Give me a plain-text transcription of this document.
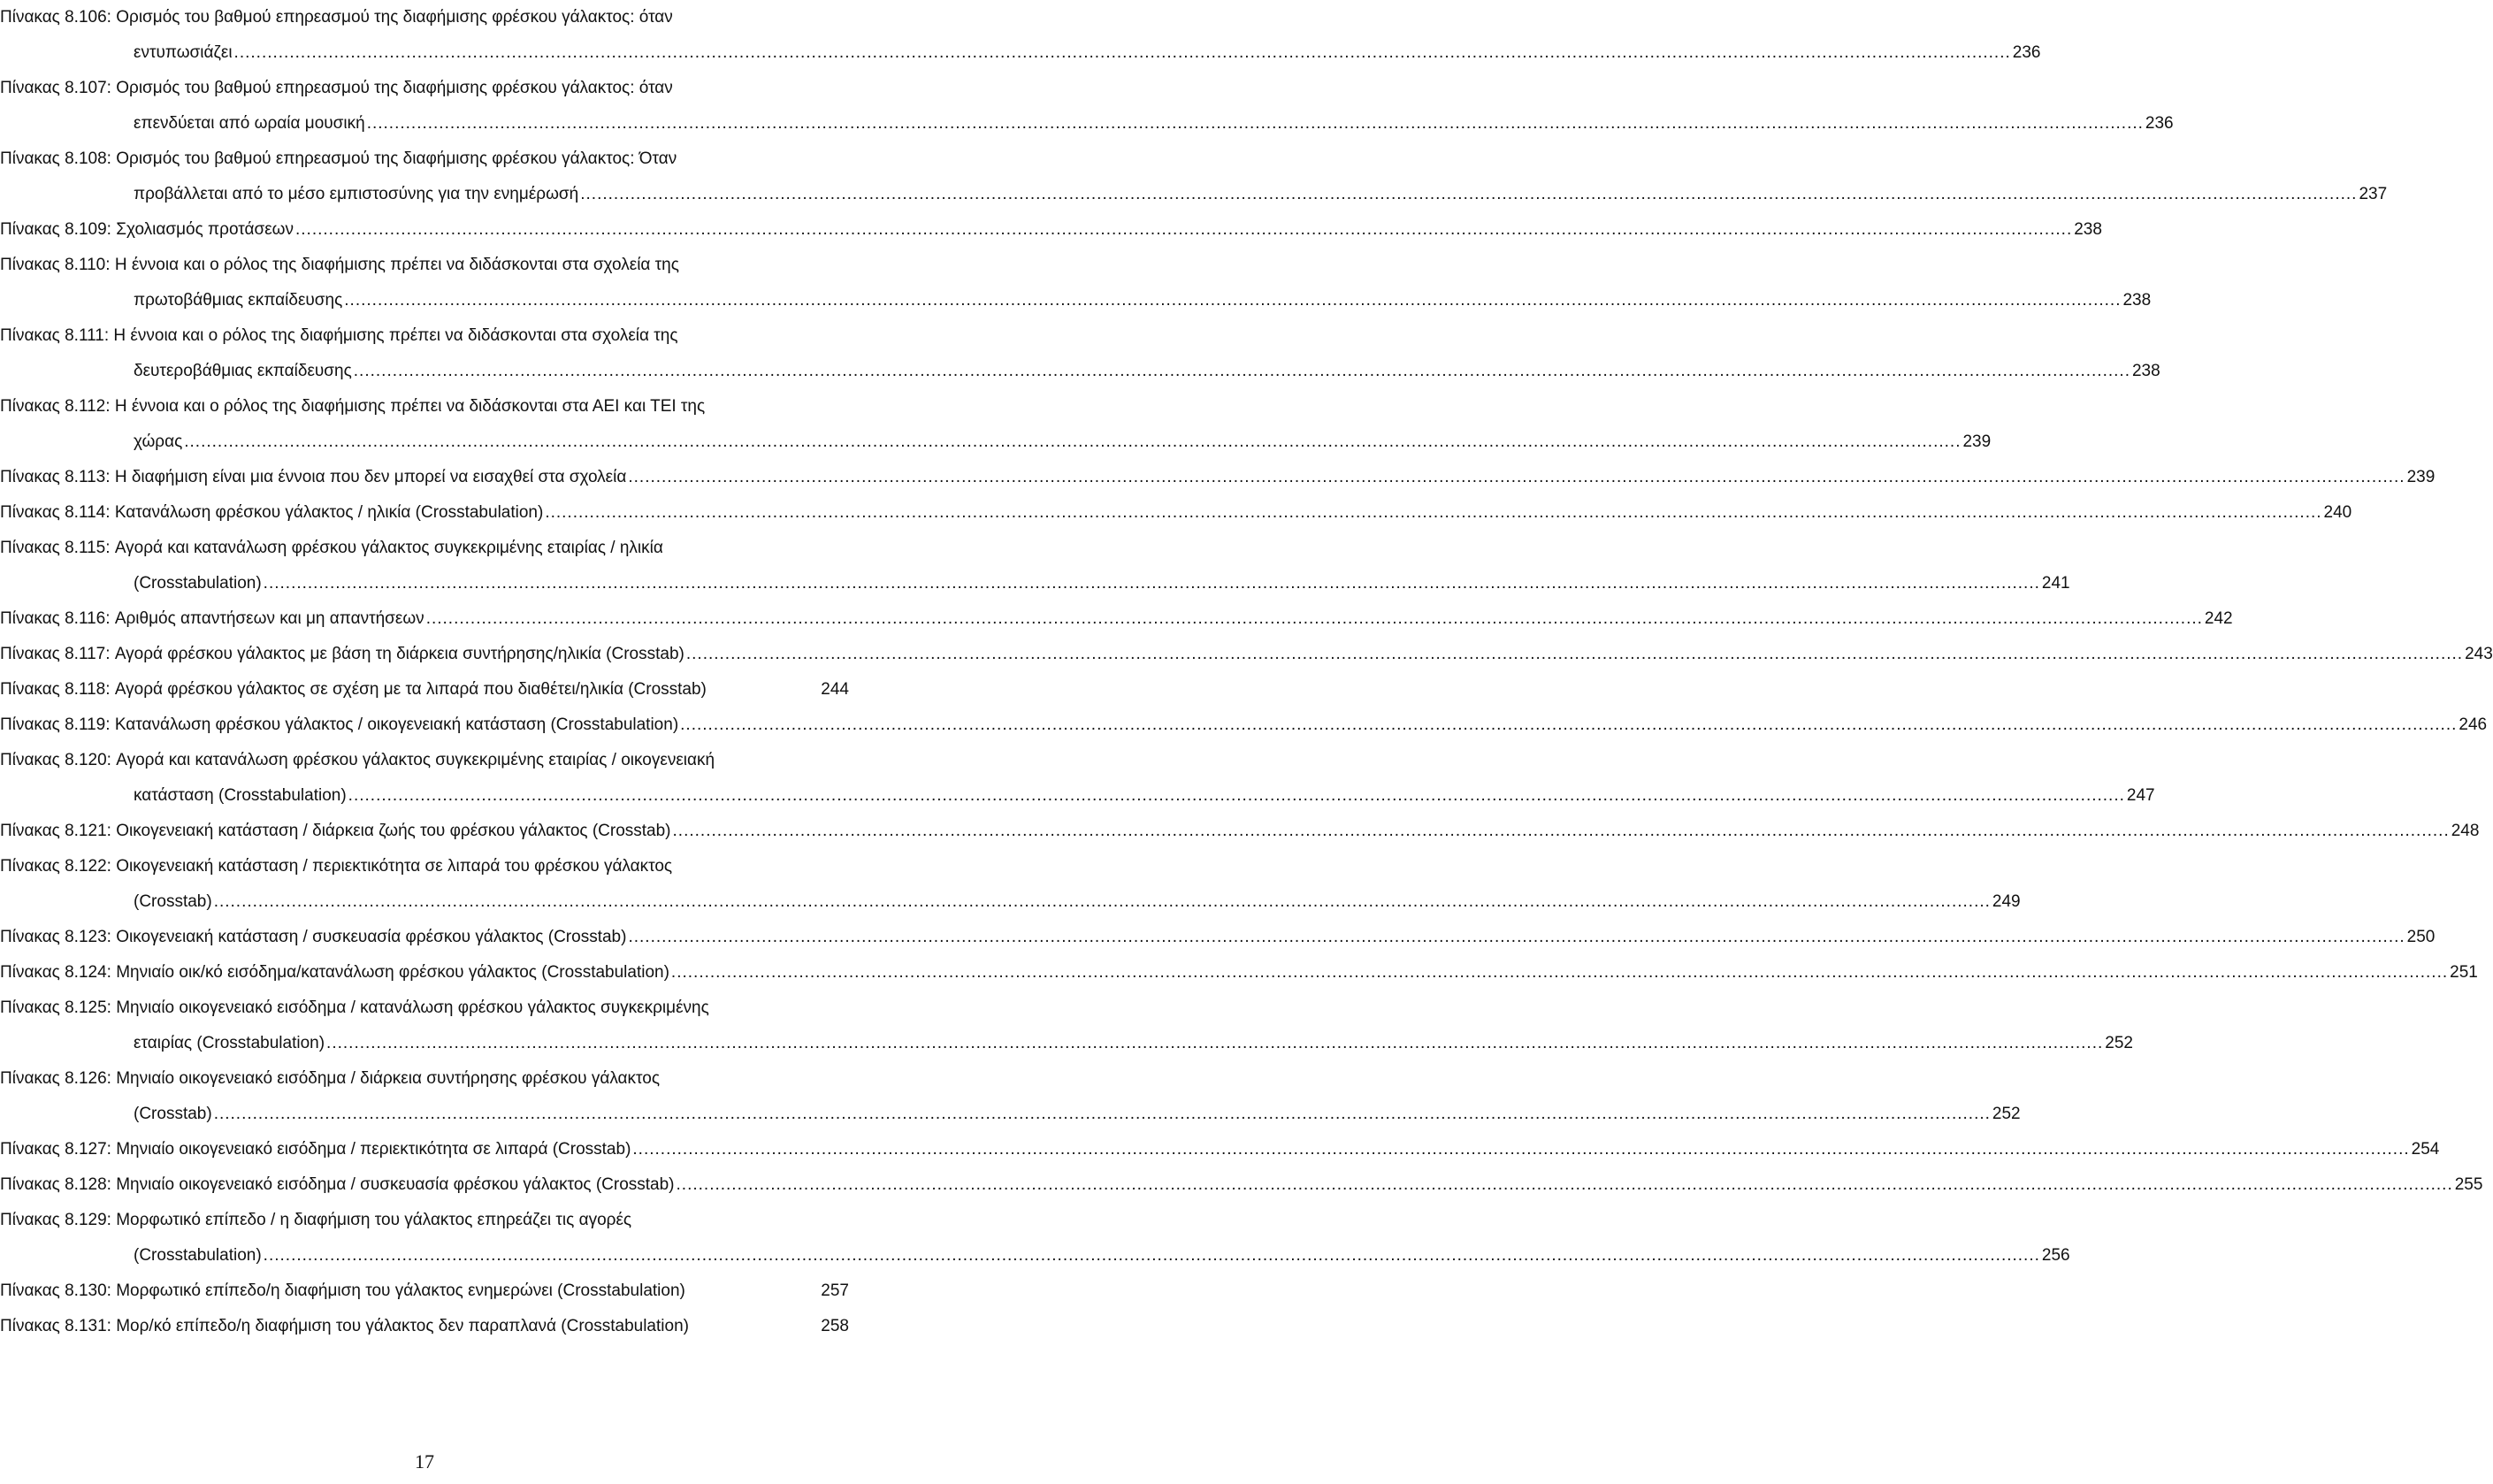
Πίνακας 8.106:
Ορισμός του βαθμού επηρεασμού της διαφήμισης φρέσκου γάλακτος: όταν
εντυπωσιάζει .....	236
Πίνακας 8.107:
Ορισμός του βαθμού επηρεασμού της διαφήμισης φρέσκου γάλακτος: όταν
επενδύεται από ωραία μουσική .....	236
Πίνακας 8.108:
Ορισμός του βαθμού επηρεασμού της διαφήμισης φρέσκου γάλακτος: Όταν
προβάλλεται από το μέσο εμπιστοσύνης για την ενημέρωσή .....	237
Πίνακας 8.109:
Σχολιασμός προτάσεων .....	238
Πίνακας 8.110:
Η έννοια και ο ρόλος της διαφήμισης πρέπει να διδάσκονται στα σχολεία της
πρωτοβάθμιας εκπαίδευσης .....	238
Πίνακας 8.111:
Η έννοια και ο ρόλος της διαφήμισης πρέπει να διδάσκονται στα σχολεία της
δευτεροβάθμιας εκπαίδευσης .....	238
Πίνακας 8.112:
Η έννοια και ο ρόλος της διαφήμισης πρέπει να διδάσκονται στα ΑΕΙ και ΤΕΙ της
χώρας .....	239
Πίνακας 8.113:
Η διαφήμιση είναι μια έννοια που δεν μπορεί να εισαχθεί στα σχολεία .....	239
Πίνακας 8.114:
Κατανάλωση φρέσκου γάλακτος / ηλικία (Crosstabulation) .....	240
Πίνακας 8.115:
Αγορά και κατανάλωση φρέσκου γάλακτος συγκεκριμένης εταιρίας / ηλικία
(Crosstabulation) .....	241
Πίνακας 8.116:
Αριθμός απαντήσεων και μη απαντήσεων .....	242
Πίνακας 8.117:
Αγορά φρέσκου γάλακτος με βάση τη διάρκεια συντήρησης/ηλικία (Crosstab) .....	243
Πίνακας 8.118:
Αγορά φρέσκου γάλακτος σε σχέση με τα λιπαρά που διαθέτει/ηλικία (Crosstab)
	244
Πίνακας 8.119:
Κατανάλωση φρέσκου γάλακτος / οικογενειακή κατάσταση (Crosstabulation) .....	246
Πίνακας 8.120:
Αγορά και κατανάλωση φρέσκου γάλακτος συγκεκριμένης εταιρίας / οικογενειακή
κατάσταση (Crosstabulation) .....	247
Πίνακας 8.121:
Οικογενειακή κατάσταση / διάρκεια ζωής του φρέσκου γάλακτος (Crosstab) .....	248
Πίνακας 8.122:
Οικογενειακή κατάσταση / περιεκτικότητα σε λιπαρά του φρέσκου γάλακτος
(Crosstab) .....	249
Πίνακας 8.123:
Οικογενειακή κατάσταση / συσκευασία φρέσκου γάλακτος (Crosstab) .....	250
Πίνακας 8.124:
Μηνιαίο οικ/κό εισόδημα/κατανάλωση φρέσκου γάλακτος (Crosstabulation) .....	251
Πίνακας 8.125:
Μηνιαίο οικογενειακό εισόδημα / κατανάλωση φρέσκου γάλακτος συγκεκριμένης
εταιρίας (Crosstabulation) .....	252
Πίνακας 8.126:
Μηνιαίο οικογενειακό εισόδημα / διάρκεια συντήρησης φρέσκου γάλακτος
(Crosstab) .....	252
Πίνακας 8.127:
Μηνιαίο οικογενειακό εισόδημα / περιεκτικότητα σε λιπαρά (Crosstab) .....	254
Πίνακας 8.128:
Μηνιαίο οικογενειακό εισόδημα / συσκευασία φρέσκου γάλακτος (Crosstab) .....	255
Πίνακας 8.129:
Μορφωτικό επίπεδο / η διαφήμιση του γάλακτος επηρεάζει τις αγορές
(Crosstabulation) .....	256
Πίνακας 8.130:
Μορφωτικό επίπεδο/η διαφήμιση του γάλακτος ενημερώνει (Crosstabulation)
	257
Πίνακας 8.131:
Μορ/κό επίπεδο/η διαφήμιση του γάλακτος δεν παραπλανά (Crosstabulation)
	258
17
